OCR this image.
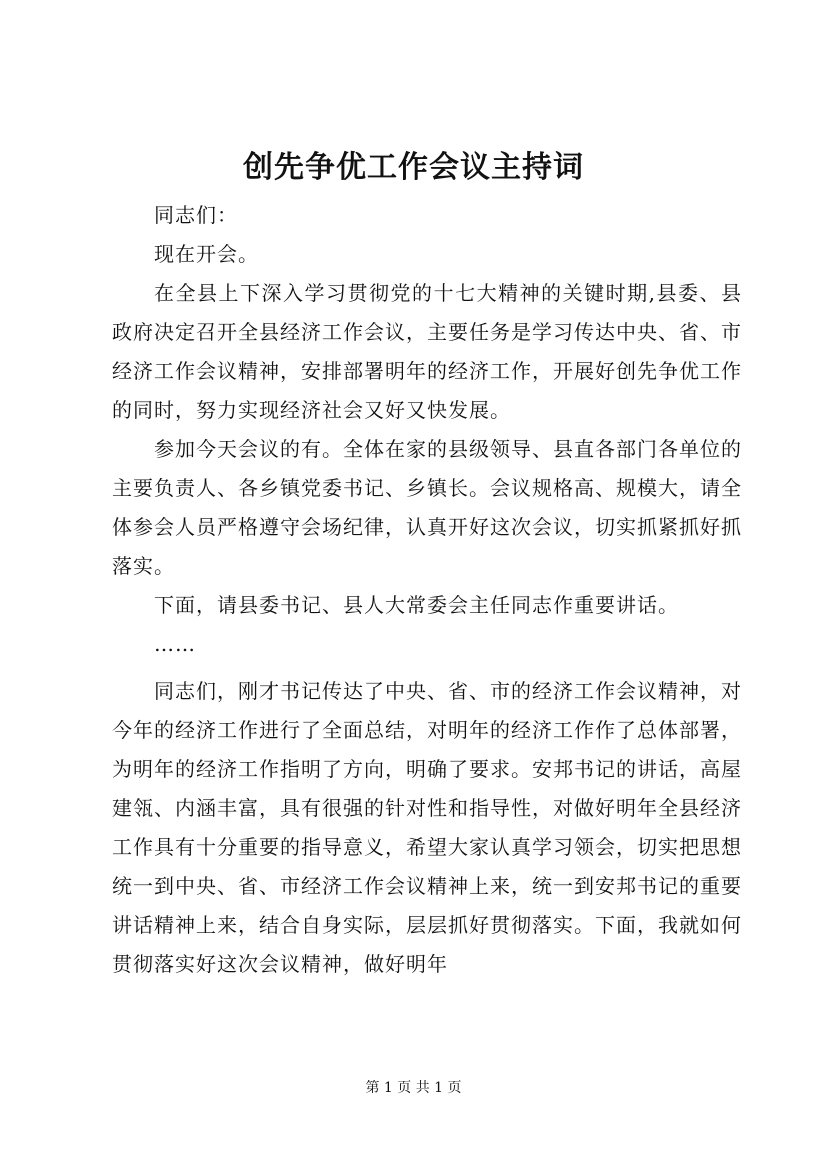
创先争优工作会议主持词

同志们：

现在开会。

在全县上下深入学习贯彻党的十七大精神的关键时期,县委、县政府决定召开全县经济工作会议，主要任务是学习传达中央、省、市经济工作会议精神，安排部署明年的经济工作，开展好创先争优工作的同时，努力实现经济社会又好又快发展。

参加今天会议的有。全体在家的县级领导、县直各部门各单位的主要负责人、各乡镇党委书记、乡镇长。会议规格高、规模大，请全体参会人员严格遵守会场纪律，认真开好这次会议，切实抓紧抓好抓落实。

下面，请县委书记、县人大常委会主任同志作重要讲话。

……

同志们，刚才书记传达了中央、省、市的经济工作会议精神，对今年的经济工作进行了全面总结，对明年的经济工作作了总体部署，为明年的经济工作指明了方向，明确了要求。安邦书记的讲话，高屋建瓴、内涵丰富，具有很强的针对性和指导性，对做好明年全县经济工作具有十分重要的指导意义，希望大家认真学习领会，切实把思想统一到中央、省、市经济工作会议精神上来，统一到安邦书记的重要讲话精神上来，结合自身实际，层层抓好贯彻落实。下面，我就如何贯彻落实好这次会议精神，做好明年

第 1 页 共 1 页
